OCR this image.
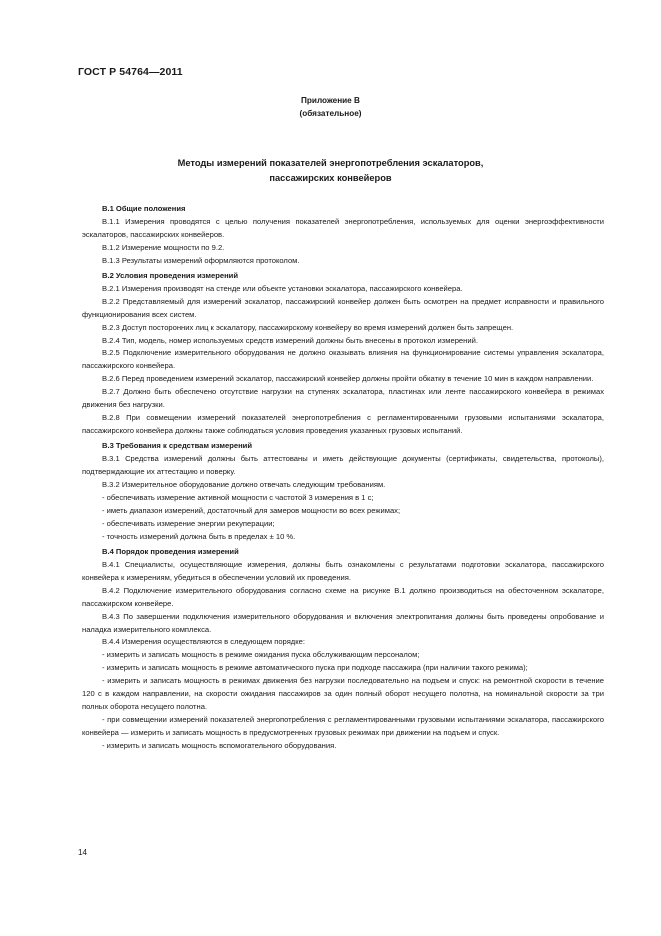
ГОСТ Р 54764—2011
Приложение В
(обязательное)
Методы измерений показателей энергопотребления эскалаторов,
пассажирских конвейеров
В.1 Общие положения

В.1.1 Измерения проводятся с целью получения показателей энергопотребления, используемых для оценки энергоэффективности эскалаторов, пассажирских конвейеров.

В.1.2 Измерение мощности по 9.2.

В.1.3 Результаты измерений оформляются протоколом.

В.2 Условия проведения измерений

В.2.1 Измерения производят на стенде или объекте установки эскалатора, пассажирского конвейера.

В.2.2 Представляемый для измерений эскалатор, пассажирский конвейер должен быть осмотрен на предмет исправности и правильного функционирования всех систем.

В.2.3 Доступ посторонних лиц к эскалатору, пассажирскому конвейеру во время измерений должен быть запрещен.

В.2.4 Тип, модель, номер используемых средств измерений должны быть внесены в протокол измерений.

В.2.5 Подключение измерительного оборудования не должно оказывать влияния на функционирование системы управления эскалатора, пассажирского конвейера.

В.2.6 Перед проведением измерений эскалатор, пассажирский конвейер должны пройти обкатку в течение 10 мин в каждом направлении.

В.2.7 Должно быть обеспечено отсутствие нагрузки на ступенях эскалатора, пластинах или ленте пассажирского конвейера в режимах движения без нагрузки.

В.2.8 При совмещении измерений показателей энергопотребления с регламентированными грузовыми испытаниями эскалатора, пассажирского конвейера должны также соблюдаться условия проведения указанных грузовых испытаний.

В.3 Требования к средствам измерений

В.3.1 Средства измерений должны быть аттестованы и иметь действующие документы (сертификаты, свидетельства, протоколы), подтверждающие их аттестацию и поверку.

В.3.2 Измерительное оборудование должно отвечать следующим требованиям.

- обеспечивать измерение активной мощности с частотой 3 измерения в 1 с;

- иметь диапазон измерений, достаточный для замеров мощности во всех режимах;

- обеспечивать измерение энергии рекуперации;

- точность измерений должна быть в пределах ± 10 %.

В.4 Порядок проведения измерений

В.4.1 Специалисты, осуществляющие измерения, должны быть ознакомлены с результатами подготовки эскалатора, пассажирского конвейера к измерениям, убедиться в обеспечении условий их проведения.

В.4.2 Подключение измерительного оборудования согласно схеме на рисунке В.1 должно производиться на обесточенном эскалаторе, пассажирском конвейере.

В.4.3 По завершении подключения измерительного оборудования и включения электропитания должны быть проведены опробование и наладка измерительного комплекса.

В.4.4 Измерения осуществляются в следующем порядке:

- измерить и записать мощность в режиме ожидания пуска обслуживающим персоналом;

- измерить и записать мощность в режиме автоматического пуска при подходе пассажира (при наличии такого режима);

- измерить и записать мощность в режимах движения без нагрузки последовательно на подъем и спуск: на ремонтной скорости в течение 120 с в каждом направлении, на скорости ожидания пассажиров за один полный оборот несущего полотна, на номинальной скорости за три полных оборота несущего полотна.

- при совмещении измерений показателей энергопотребления с регламентированными грузовыми испытаниями эскалатора, пассажирского конвейера — измерить и записать мощность в предусмотренных грузовых режимах при движении на подъем и спуск.

- измерить и записать мощность вспомогательного оборудования.

14
